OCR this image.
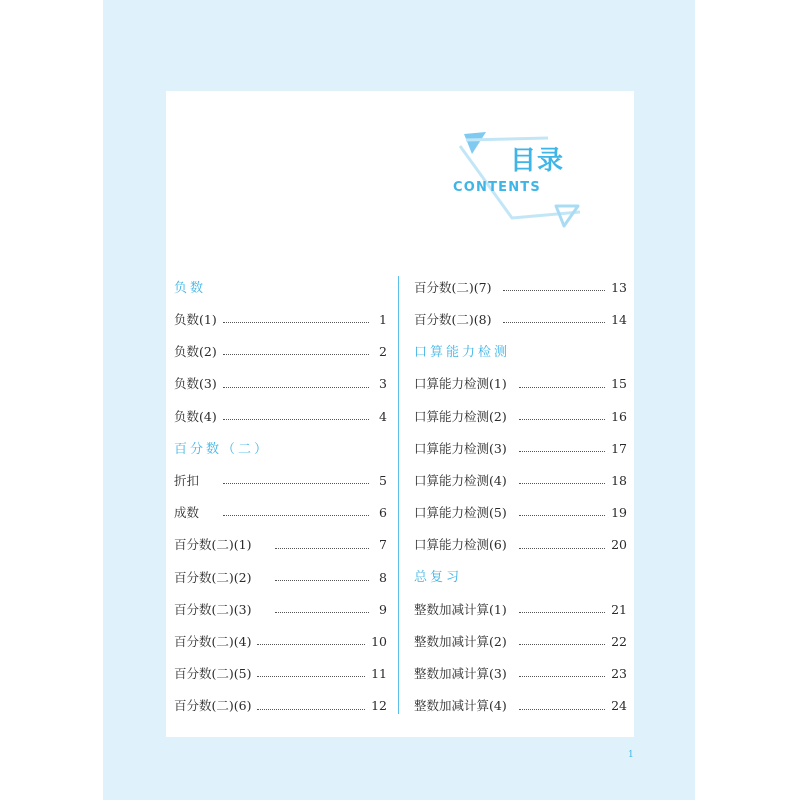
目录
CONTENTS
负数
负数(1)	1
负数(2)	2
负数(3)	3
负数(4)	4
百分数（二）
折扣	5
成数	6
百分数(二)(1)	7
百分数(二)(2)	8
百分数(二)(3)	9
百分数(二)(4)	10
百分数(二)(5)	11
百分数(二)(6)	12
百分数(二)(7)	13
百分数(二)(8)	14
口算能力检测
口算能力检测(1)	15
口算能力检测(2)	16
口算能力检测(3)	17
口算能力检测(4)	18
口算能力检测(5)	19
口算能力检测(6)	20
总复习
整数加减计算(1)	21
整数加减计算(2)	22
整数加减计算(3)	23
整数加减计算(4)	24
1
